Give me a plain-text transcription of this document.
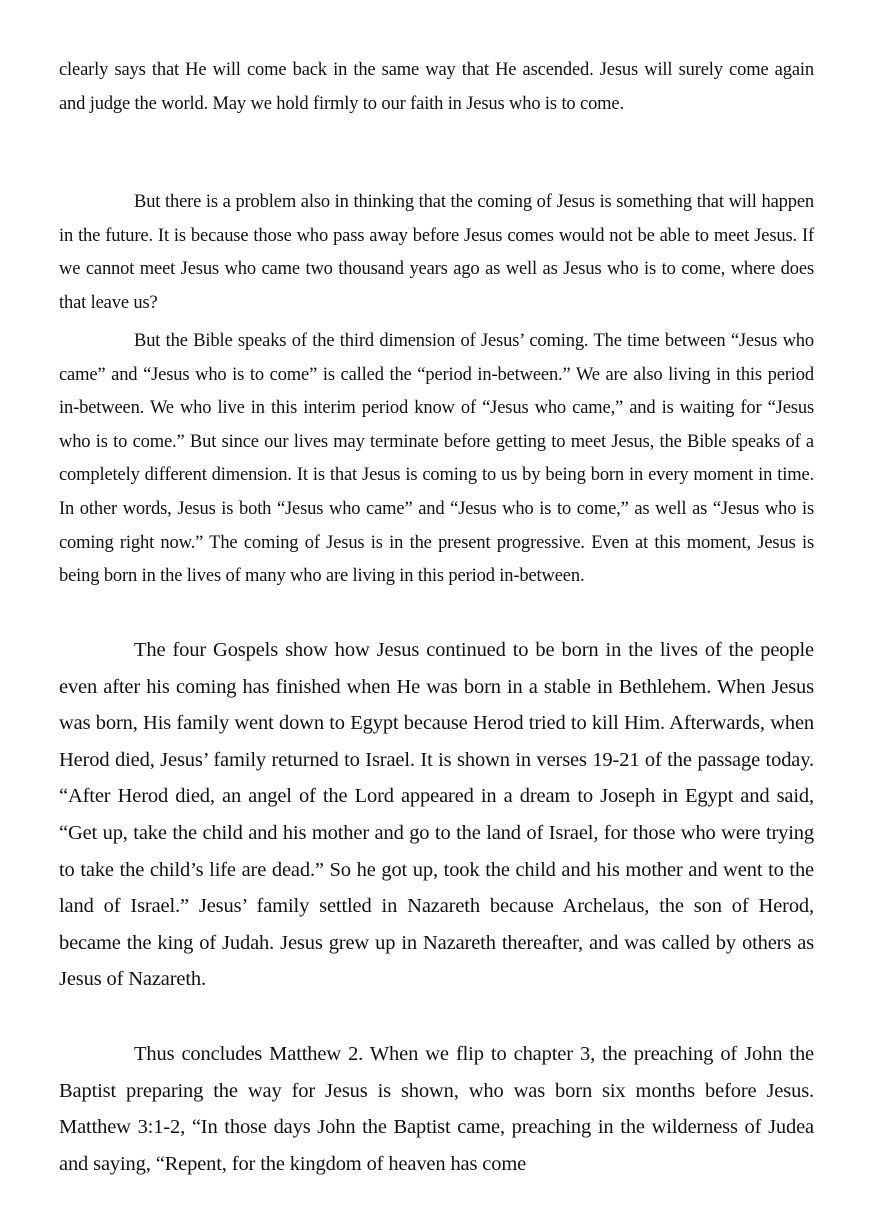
clearly says that He will come back in the same way that He ascended. Jesus will surely come again and judge the world. May we hold firmly to our faith in Jesus who is to come.

But there is a problem also in thinking that the coming of Jesus is something that will happen in the future. It is because those who pass away before Jesus comes would not be able to meet Jesus. If we cannot meet Jesus who came two thousand years ago as well as Jesus who is to come, where does that leave us?

But the Bible speaks of the third dimension of Jesus’ coming. The time between “Jesus who came” and “Jesus who is to come” is called the “period in-between.” We are also living in this period in-between. We who live in this interim period know of “Jesus who came,” and is waiting for “Jesus who is to come.” But since our lives may terminate before getting to meet Jesus, the Bible speaks of a completely different dimension. It is that Jesus is coming to us by being born in every moment in time. In other words, Jesus is both “Jesus who came” and “Jesus who is to come,” as well as “Jesus who is coming right now.” The coming of Jesus is in the present progressive. Even at this moment, Jesus is being born in the lives of many who are living in this period in-between.

The four Gospels show how Jesus continued to be born in the lives of the people even after his coming has finished when He was born in a stable in Bethlehem. When Jesus was born, His family went down to Egypt because Herod tried to kill Him. Afterwards, when Herod died, Jesus’ family returned to Israel. It is shown in verses 19-21 of the passage today. “After Herod died, an angel of the Lord appeared in a dream to Joseph in Egypt and said, “Get up, take the child and his mother and go to the land of Israel, for those who were trying to take the child’s life are dead.” So he got up, took the child and his mother and went to the land of Israel.” Jesus’ family settled in Nazareth because Archelaus, the son of Herod, became the king of Judah. Jesus grew up in Nazareth thereafter, and was called by others as Jesus of Nazareth.

Thus concludes Matthew 2. When we flip to chapter 3, the preaching of John the Baptist preparing the way for Jesus is shown, who was born six months before Jesus. Matthew 3:1-2, “In those days John the Baptist came, preaching in the wilderness of Judea and saying, “Repent, for the kingdom of heaven has come
